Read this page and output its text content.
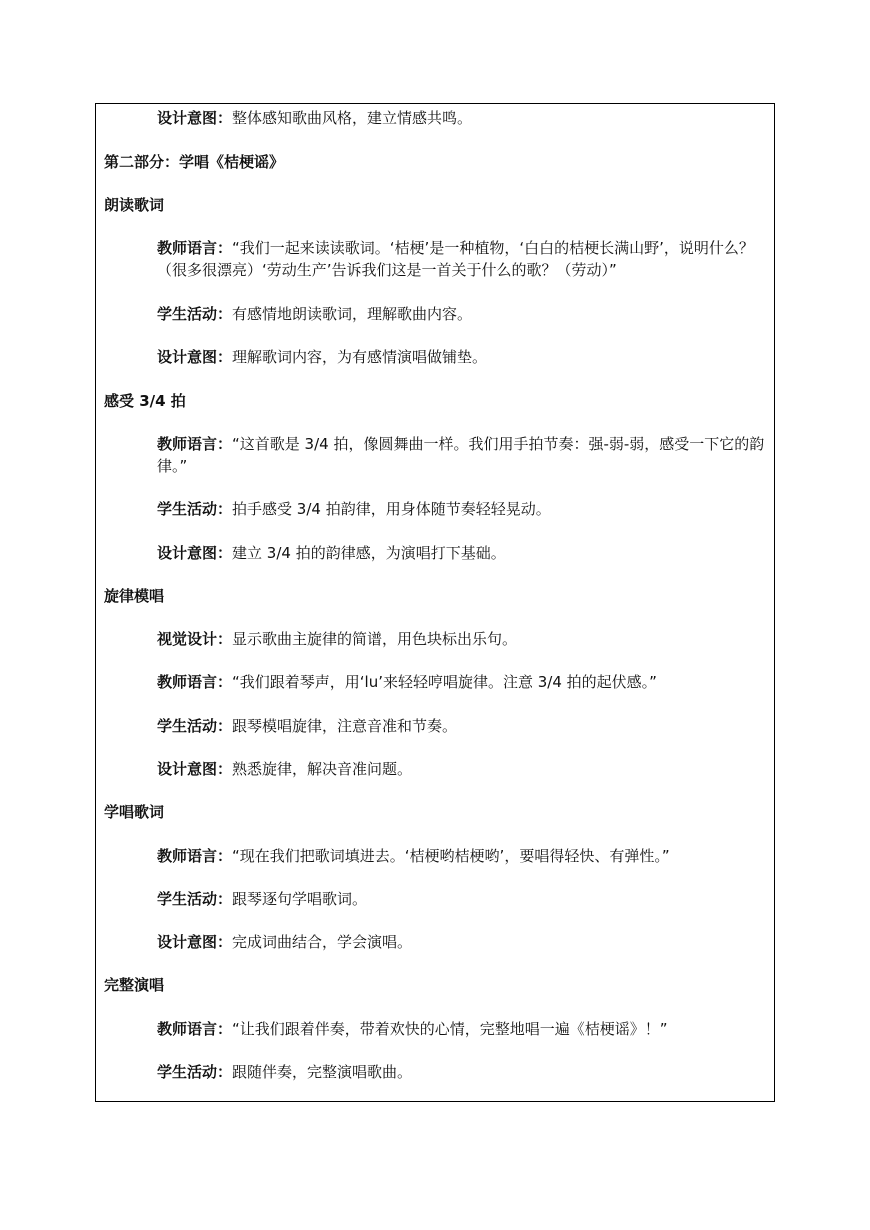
设计意图：整体感知歌曲风格，建立情感共鸣。
第二部分：学唱《桔梗谣》
朗读歌词
教师语言：“我们一起来读读歌词。‘桔梗’是一种植物，‘白白的桔梗长满山野’，说明什么？（很多很漂亮）‘劳动生产’告诉我们这是一首关于什么的歌？（劳动）”
学生活动：有感情地朗读歌词，理解歌曲内容。
设计意图：理解歌词内容，为有感情演唱做铺垫。
感受 3/4 拍
教师语言：“这首歌是 3/4 拍，像圆舞曲一样。我们用手拍节奏：强-弱-弱，感受一下它的韵律。”
学生活动：拍手感受 3/4 拍韵律，用身体随节奏轻轻晃动。
设计意图：建立 3/4 拍的韵律感，为演唱打下基础。
旋律模唱
视觉设计：显示歌曲主旋律的简谱，用色块标出乐句。
教师语言：“我们跟着琴声，用‘lu’来轻轻哼唱旋律。注意 3/4 拍的起伏感。”
学生活动：跟琴模唱旋律，注意音准和节奏。
设计意图：熟悉旋律，解决音准问题。
学唱歌词
教师语言：“现在我们把歌词填进去。‘桔梗哟桔梗哟’，要唱得轻快、有弹性。”
学生活动：跟琴逐句学唱歌词。
设计意图：完成词曲结合，学会演唱。
完整演唱
教师语言：“让我们跟着伴奏，带着欢快的心情，完整地唱一遍《桔梗谣》！”
学生活动：跟随伴奏，完整演唱歌曲。
